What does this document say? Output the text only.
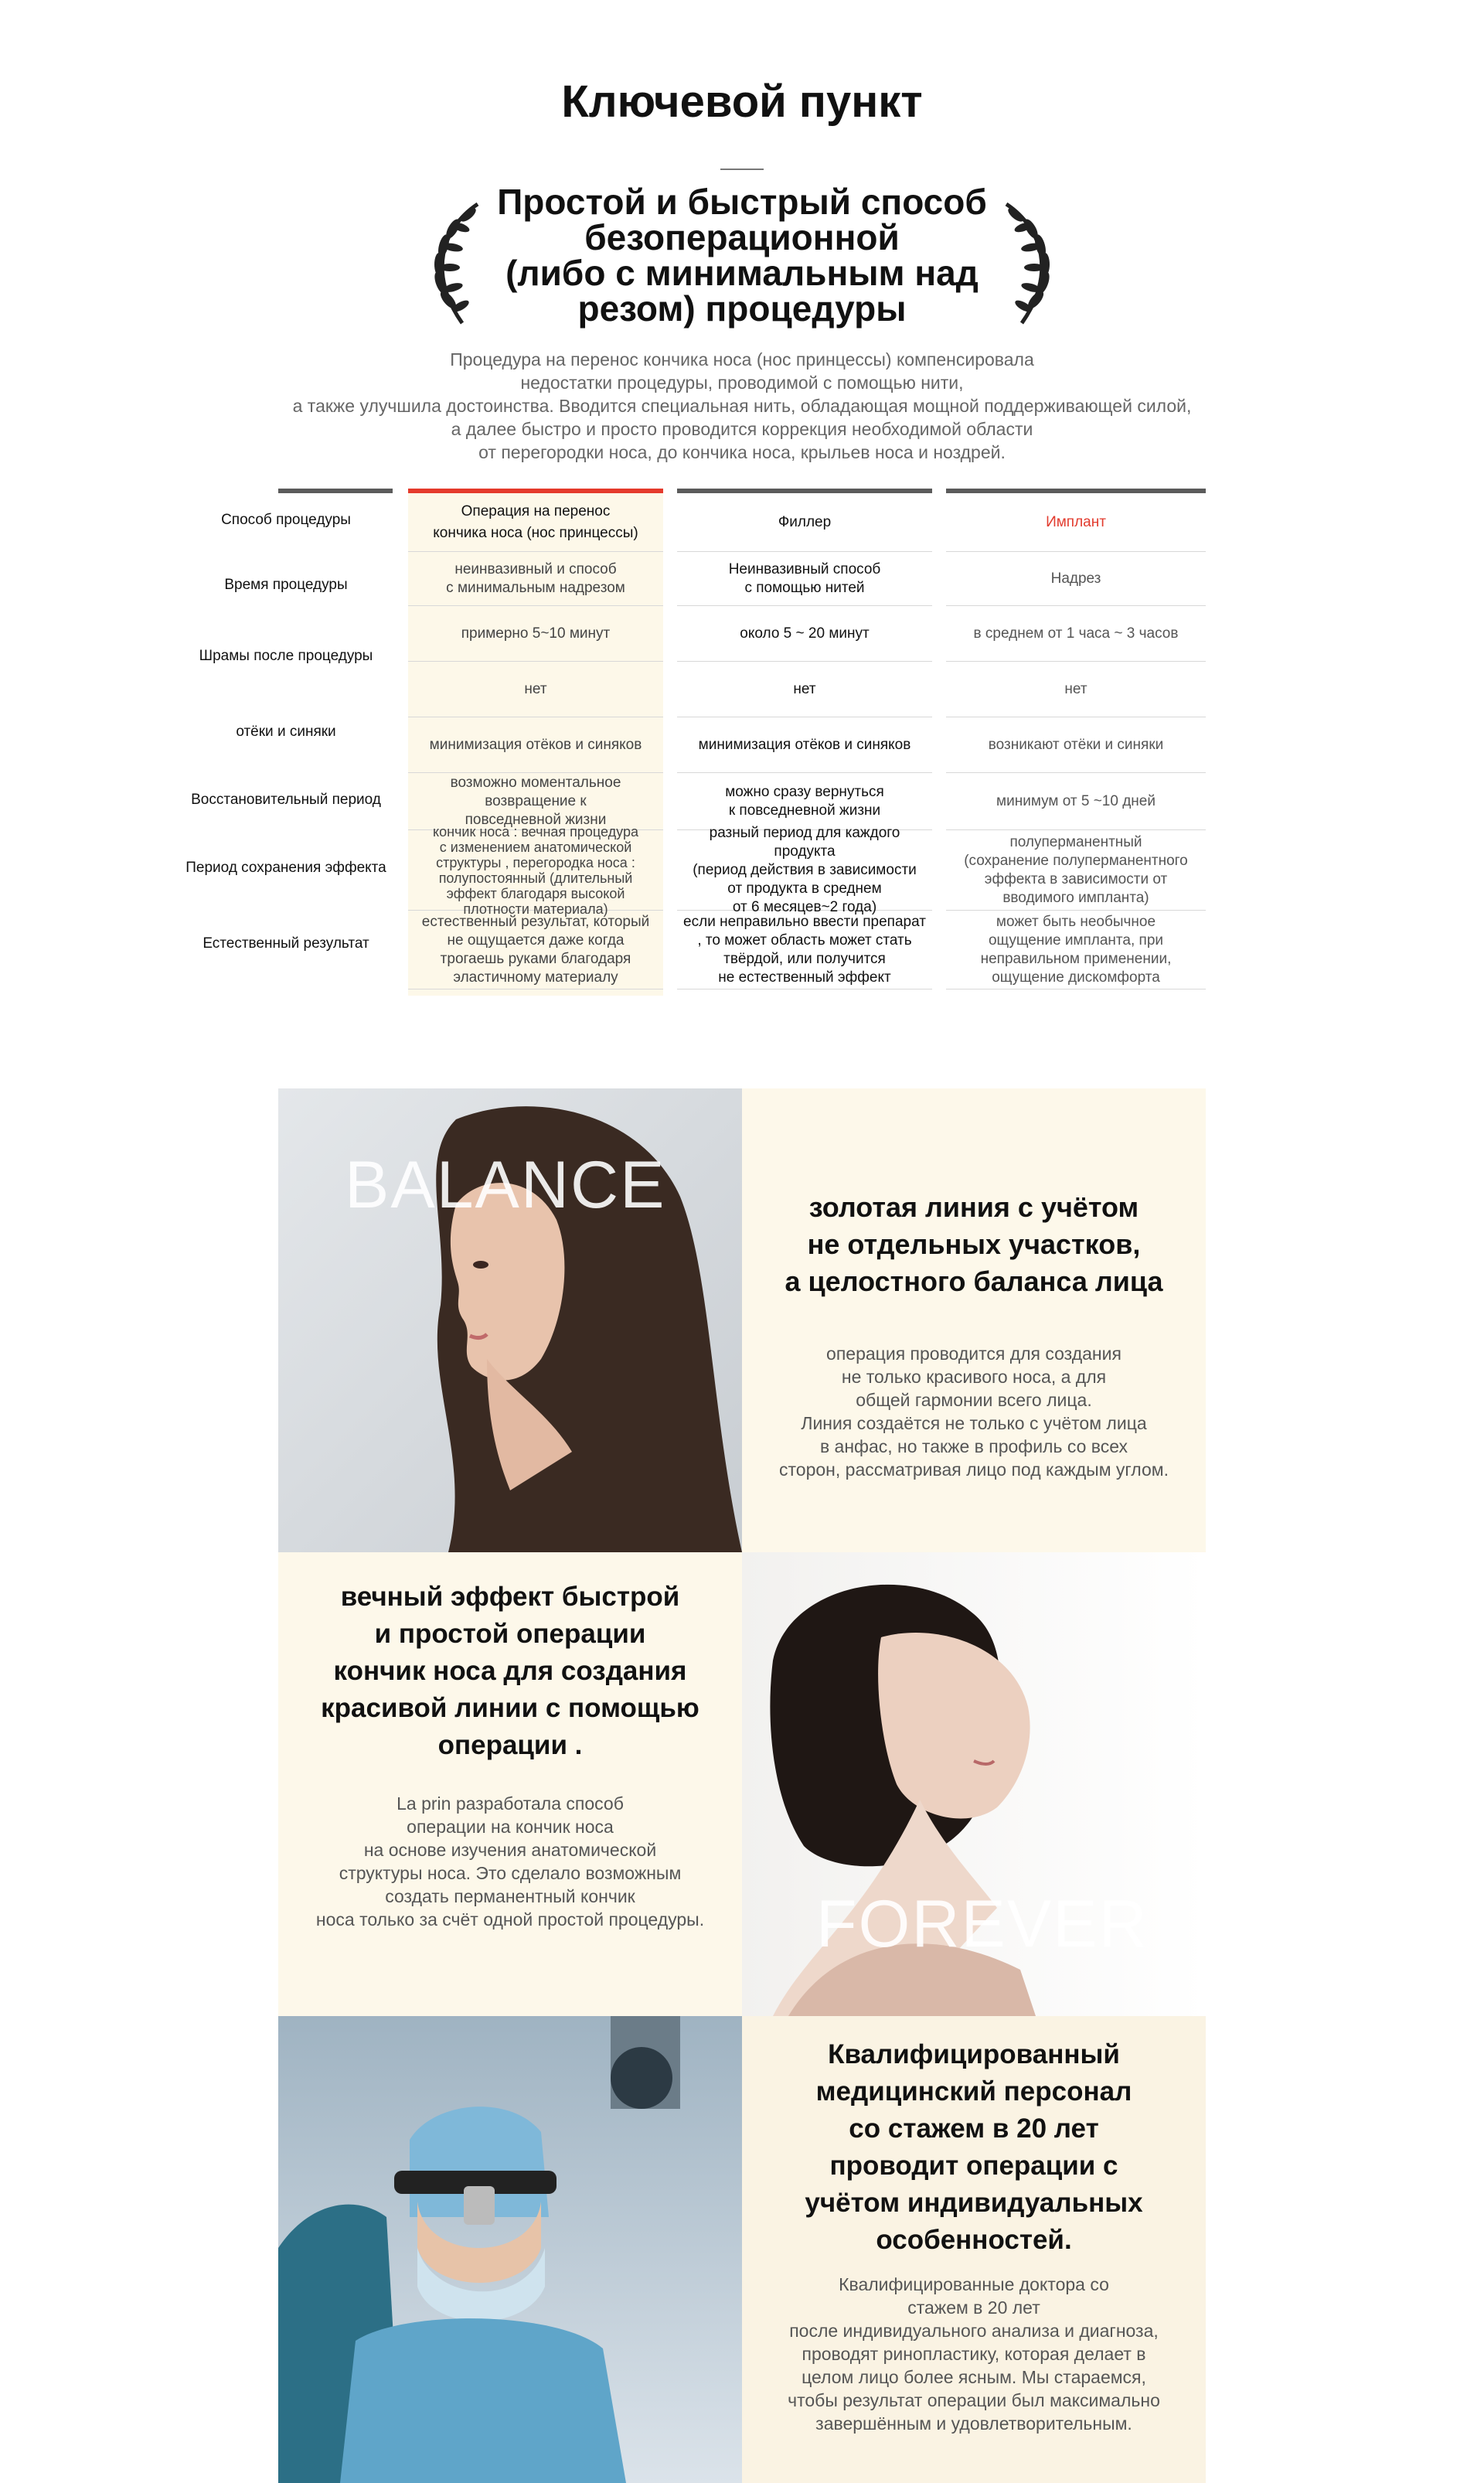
Ключевой пункт
Простой и быстрый способ
безоперационной
(либо с минимальным над
резом) процедуры

Процедура на перенос кончика носа (нос принцессы) компенсировала
недостатки процедуры, проводимой с помощью нити,
а также улучшила достоинства. Вводится специальная нить, обладающая мощной поддерживающей силой,
а далее быстро и просто проводится коррекция необходимой области
от перегородки носа, до кончика носа, крыльев носа и ноздрей.

Способ процедуры
Время процедуры
Шрамы после процедуры
отёки и синяки
Восстановительный период
Период сохранения эффекта
Естественный результат
Операция на перенос
кончика носа (нос принцессы)
неинвазивный и способ
с минимальным надрезом
примерно 5~10 минут
нет
минимизация отёков и синяков
возможно моментальное
возвращение к
повседневной жизни
кончик носа : вечная процедура
с изменением анатомической
структуры , перегородка носа :
полупостоянный (длительный
эффект благодаря высокой
плотности материала)
естественный результат, который
не ощущается даже когда
трогаешь руками благодаря
эластичному материалу
Филлер
Неинвазивный способ
с помощью нитей
около 5 ~ 20 минут
нет
минимизация отёков и синяков
можно сразу вернуться
к повседневной жизни
разный период для каждого продукта
(период действия в зависимости
от продукта в среднем
от 6 месяцев~2 года)
если неправильно ввести препарат
, то может область может стать
твёрдой, или получится
не естественный эффект
Имплант
Надрез
в среднем от 1 часа ~ 3 часов
нет
возникают отёки и синяки
минимум от 5 ~10 дней
полуперманентный
(сохранение полуперманентного
эффекта в зависимости от
вводимого импланта)
может быть необычное
ощущение импланта, при
неправильном применении,
ощущение дискомфорта
BALANCE	золотая линия с учётом
не отдельных участков,
а целостного баланса лица

операция проводится для создания
не только красивого носа, а для
общей гармонии всего лица.
Линия создаётся не только с учётом лица
в анфас, но также в профиль со всех
сторон, рассматривая лицо под каждым углом.

вечный эффект быстрой
и простой операции
кончик носа для создания
красивой линии с помощью
операции .

La prin разработала способ
операции на кончик носа
на основе изучения анатомической
структуры носа. Это сделало возможным
создать перманентный кончик
носа только за счёт одной простой процедуры.	FOREVER
Квалифицированный
медицинский персонал
со стажем в 20 лет
проводит операции с
учётом индивидуальных
особенностей.

Квалифицированные доктора со
стажем в 20 лет
после индивидуального анализа и диагноза,
проводят ринопластику, которая делает в
целом лицо более ясным. Мы стараемся,
чтобы результат операции был максимально
завершённым и удовлетворительным.
